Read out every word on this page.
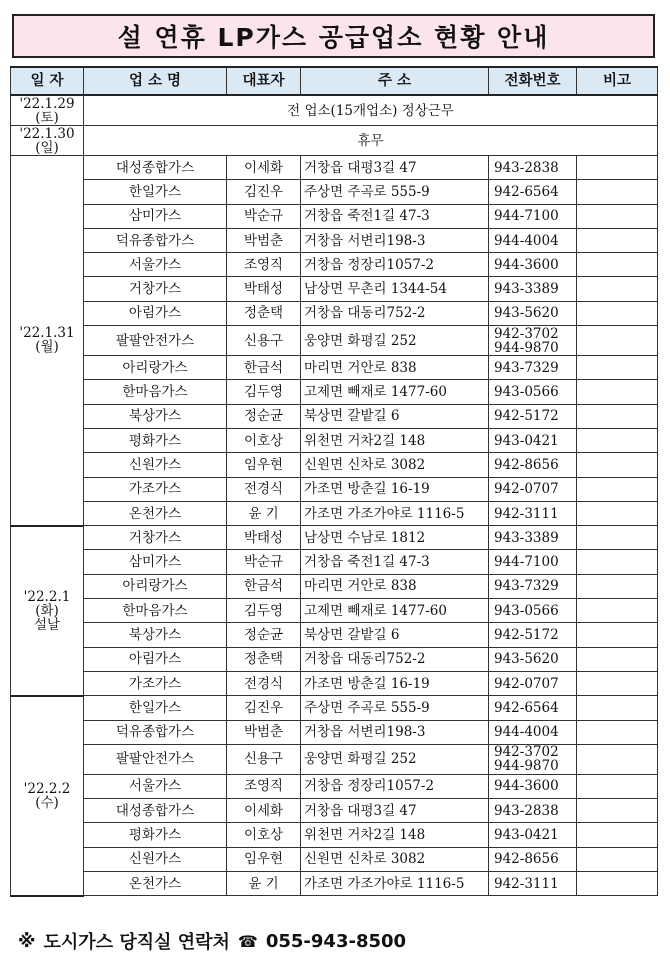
설 연휴 LP가스 공급업소 현황 안내
일 자	업 소 명	대표자	주 소	전화번호	비고

'22.1.29
(토)	전 업소(15개업소) 정상근무				

'22.1.30
(일)	휴무				

'22.1.31
(월)	대성종합가스	이세화	거창읍 대평3길 47	943-2838	

	한일가스	김진우	주상면 주곡로 555-9	942-6564	

	삼미가스	박순규	거창읍 죽전1길 47-3	944-7100	

	덕유종합가스	박범춘	거창읍 서변리198-3	944-4004	

	서울가스	조영직	거창읍 정장리1057-2	944-3600	

	거창가스	박태성	남상면 무촌리 1344-54	943-3389	

	아림가스	정춘택	거창읍 대동리752-2	943-5620	

	팔팔안전가스	신용구	웅양면 화평길 252	942-3702
944-9870	

	아리랑가스	한금석	마리면 거안로 838	943-7329	

	한마음가스	김두영	고제면 빼재로 1477-60	943-0566	

	북상가스	정순균	북상면 갈밭길 6	942-5172	

	평화가스	이호상	위천면 거차2길 148	943-0421	

	신원가스	임우현	신원면 신차로 3082	942-8656	

	가조가스	전경식	가조면 방춘길 16-19	942-0707	

	온천가스	윤 기	가조면 가조가야로 1116-5	942-3111	

'22.2.1
(화)
설날	거창가스	박태성	남상면 수남로 1812	943-3389	

	삼미가스	박순규	거창읍 죽전1길 47-3	944-7100	

	아리랑가스	한금석	마리면 거안로 838	943-7329	

	한마음가스	김두영	고제면 빼재로 1477-60	943-0566	

	북상가스	정순균	북상면 갈밭길 6	942-5172	

	아림가스	정춘택	거창읍 대동리752-2	943-5620	

	가조가스	전경식	가조면 방춘길 16-19	942-0707	

'22.2.2
(수)	한일가스	김진우	주상면 주곡로 555-9	942-6564	

	덕유종합가스	박범춘	거창읍 서변리198-3	944-4004	

	팔팔안전가스	신용구	웅양면 화평길 252	942-3702
944-9870	

	서울가스	조영직	거창읍 정장리1057-2	944-3600	

	대성종합가스	이세화	거창읍 대평3길 47	943-2838	

	평화가스	이호상	위천면 거차2길 148	943-0421	

	신원가스	임우현	신원면 신차로 3082	942-8656	

	온천가스	윤 기	가조면 가조가야로 1116-5	942-3111	

※ 도시가스 당직실 연락처 ☎ 055-943-8500
